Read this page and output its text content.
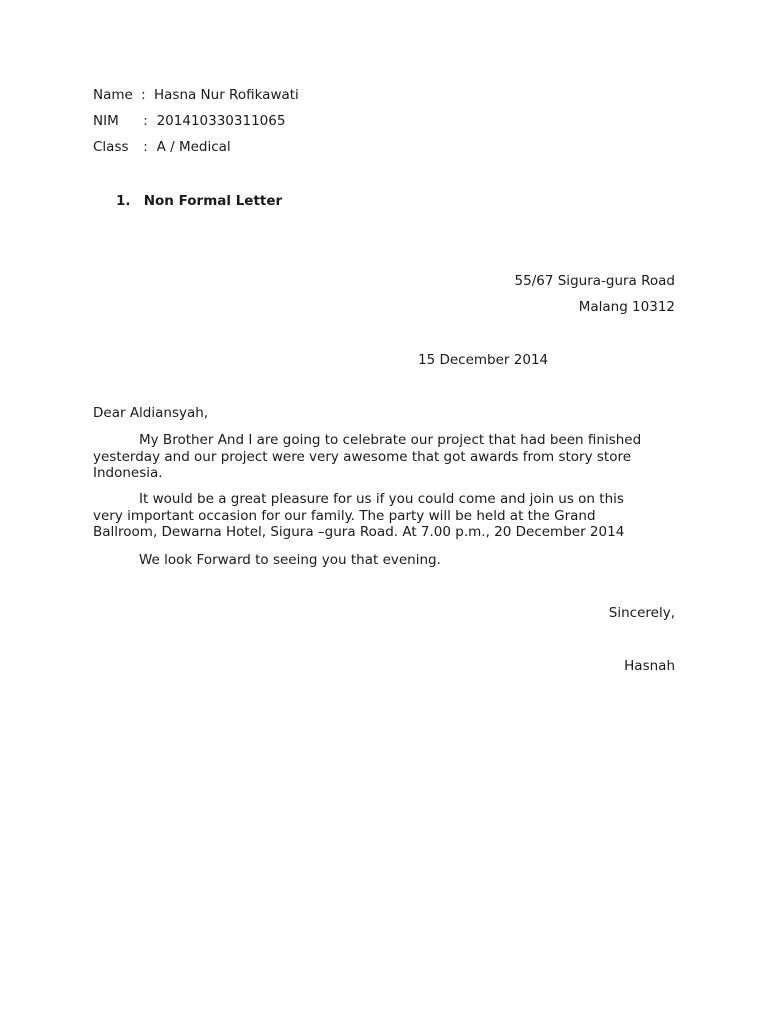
Name : Hasna Nur Rofikawati
NIM : 201410330311065
Class : A / Medical
1. Non Formal Letter
55/67 Sigura-gura Road
Malang 10312
15 December 2014
Dear Aldiansyah,
My Brother And I are going to celebrate our project that had been finished
yesterday and our project were very awesome that got awards from story store
Indonesia.
It would be a great pleasure for us if you could come and join us on this
very important occasion for our family. The party will be held at the Grand
Ballroom, Dewarna Hotel, Sigura –gura Road. At 7.00 p.m., 20 December 2014
We look Forward to seeing you that evening.
Sincerely,
Hasnah
